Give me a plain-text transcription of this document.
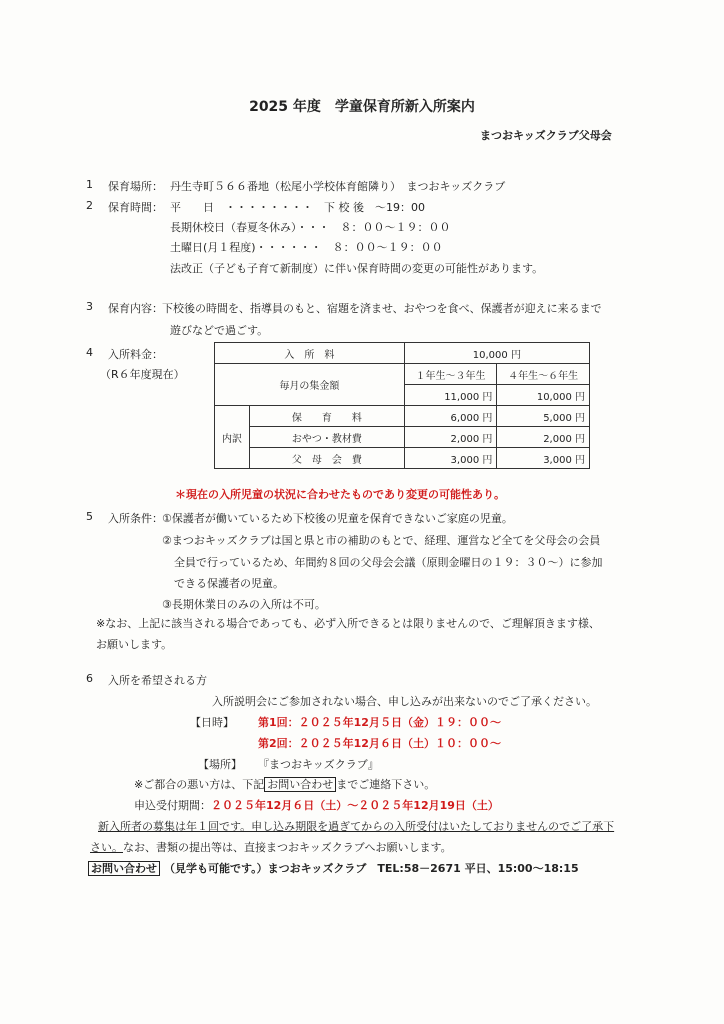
2025 年度　学童保育所新入所案内
まつおキッズクラブ父母会
1 保育場所： 丹生寺町５６６番地（松尾小学校体育館隣り）　まつおキッズクラブ
2 保育時間： 平　　日　・・・・・・・・　下 校 後　～19：00
長期休校日（春夏冬休み）・・・　８：００～１９：００
土曜日(月１程度)・・・・・・　８：００～１９：００
法改正（子ども子育て新制度）に伴い保育時間の変更の可能性があります。
3 保育内容： 下校後の時間を、指導員のもと、宿題を済ませ、おやつを食べ、保護者が迎えに来るまで
遊びなどで過ごす。
4 入所料金：
（R６年度現在）
入　所　料		10,000 円	
毎月の集金額		１年生～３年生	４年生～６年生
		11,000 円	10,000 円
内訳	保　　育　　料	6,000 円	5,000 円
	おやつ・教材費	2,000 円	2,000 円
	父　母　会　費	3,000 円	3,000 円
＊現在の入所児童の状況に合わせたものであり変更の可能性あり。
5 入所条件： ①保護者が働いているため下校後の児童を保育できないご家庭の児童。
②まつおキッズクラブは国と県と市の補助のもとで、経理、運営など全てを父母会の会員
全員で行っているため、年間約８回の父母会会議（原則金曜日の１９：３０～）に参加
できる保護者の児童。
③長期休業日のみの入所は不可。
※なお、上記に該当される場合であっても、必ず入所できるとは限りませんので、ご理解頂きます様、
お願いします。
6 入所を希望される方
入所説明会にご参加されない場合、申し込みが出来ないのでご了承ください。
【日時】 第1回：２０２５年12月５日（金）１９：００～
第2回：２０２５年12月６日（土）１０：００～
【場所】 『まつおキッズクラブ』
※ご都合の悪い方は、下記 お問い合わせ までご連絡下さい。
申込受付期間：２０２５年12月６日（土）～２０２５年12月19日（土）
新入所者の募集は年１回です。申し込み期限を過ぎてからの入所受付はいたしておりませんのでご了承下
さい。なお、書類の提出等は、直接まつおキッズクラブへお願いします。
お問い合わせ （見学も可能です。）まつおキッズクラブ　TEL:58－2671 平日、15:00～18:15
